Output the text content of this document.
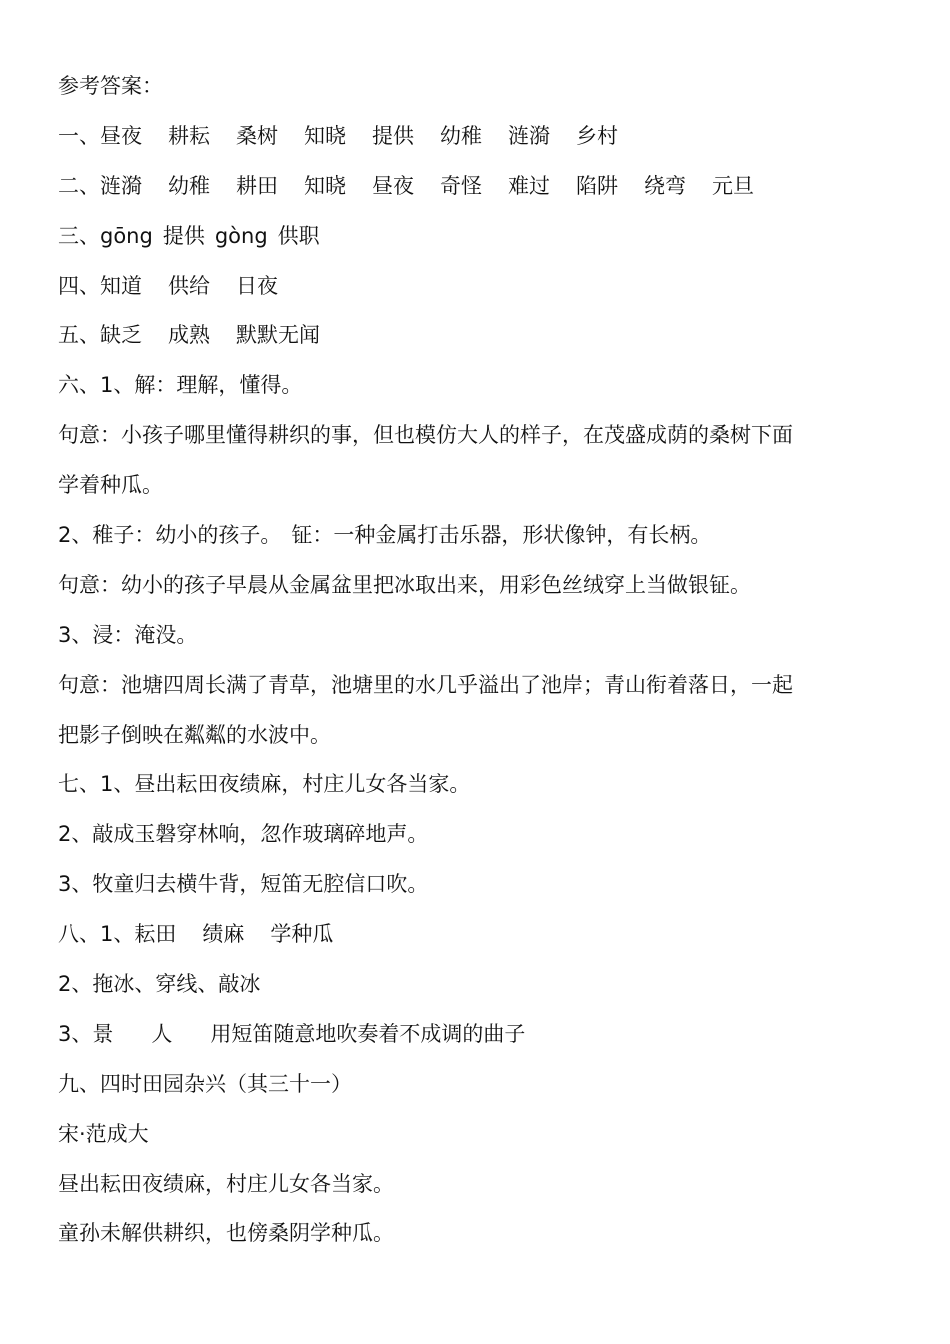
参考答案：
一、昼夜 耕耘 桑树 知晓 提供 幼稚 涟漪 乡村
二、涟漪 幼稚 耕田 知晓 昼夜 奇怪 难过 陷阱 绕弯 元旦
三、gōng 提供 gòng 供职
四、知道 供给 日夜
五、缺乏 成熟 默默无闻
六、1、解：理解，懂得。
句意：小孩子哪里懂得耕织的事，但也模仿大人的样子，在茂盛成荫的桑树下面
学着种瓜。
2、稚子：幼小的孩子。 钲：一种金属打击乐器，形状像钟，有长柄。
句意：幼小的孩子早晨从金属盆里把冰取出来，用彩色丝绒穿上当做银钲。
3、浸：淹没。
句意：池塘四周长满了青草，池塘里的水几乎溢出了池岸；青山衔着落日，一起
把影子倒映在粼粼的水波中。
七、1、昼出耘田夜绩麻，村庄儿女各当家。
2、敲成玉磐穿林响，忽作玻璃碎地声。
3、牧童归去横牛背，短笛无腔信口吹。
八、1、耘田 绩麻 学种瓜
2、拖冰、穿线、敲冰
3、景 人 用短笛随意地吹奏着不成调的曲子
九、四时田园杂兴（其三十一）
宋·范成大
昼出耘田夜绩麻，村庄儿女各当家。
童孙未解供耕织，也傍桑阴学种瓜。
